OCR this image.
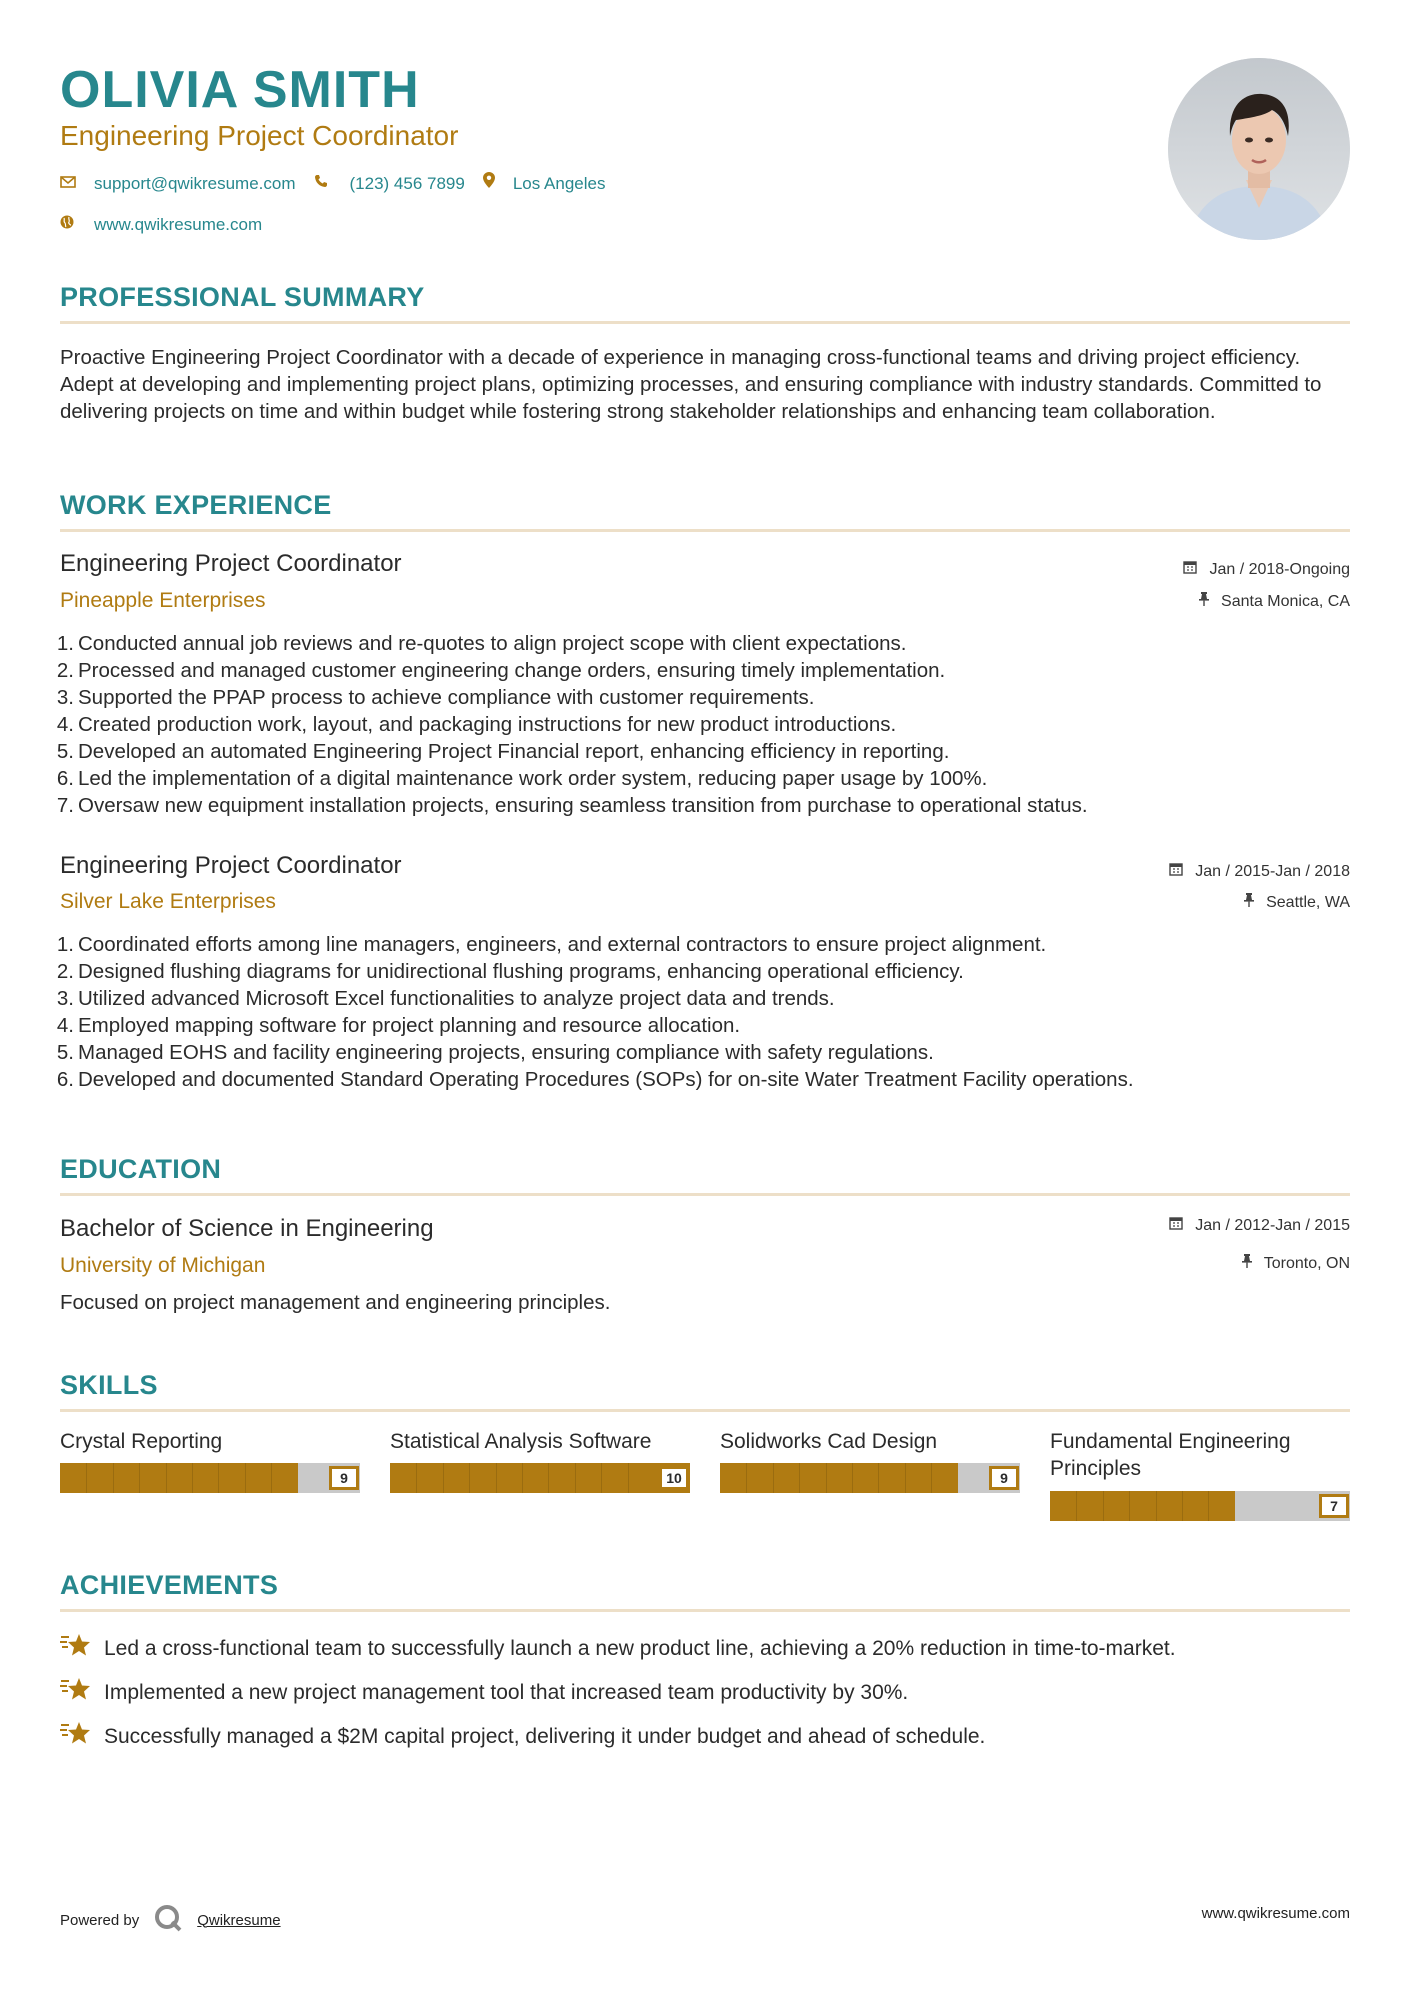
OLIVIA SMITH
Engineering Project Coordinator
support@qwikresume.com	(123) 456 7899	Los Angeles
www.qwikresume.com
PROFESSIONAL SUMMARY
Proactive Engineering Project Coordinator with a decade of experience in managing cross-functional teams and driving project efficiency. Adept at developing and implementing project plans, optimizing processes, and ensuring compliance with industry standards. Committed to delivering projects on time and within budget while fostering strong stakeholder relationships and enhancing team collaboration.
WORK EXPERIENCE
Engineering Project Coordinator
Pineapple Enterprises
Jan / 2018-Ongoing
Santa Monica, CA
1. Conducted annual job reviews and re-quotes to align project scope with client expectations.
2. Processed and managed customer engineering change orders, ensuring timely implementation.
3. Supported the PPAP process to achieve compliance with customer requirements.
4. Created production work, layout, and packaging instructions for new product introductions.
5. Developed an automated Engineering Project Financial report, enhancing efficiency in reporting.
6. Led the implementation of a digital maintenance work order system, reducing paper usage by 100%.
7. Oversaw new equipment installation projects, ensuring seamless transition from purchase to operational status.
Engineering Project Coordinator
Silver Lake Enterprises
Jan / 2015-Jan / 2018
Seattle, WA
1. Coordinated efforts among line managers, engineers, and external contractors to ensure project alignment.
2. Designed flushing diagrams for unidirectional flushing programs, enhancing operational efficiency.
3. Utilized advanced Microsoft Excel functionalities to analyze project data and trends.
4. Employed mapping software for project planning and resource allocation.
5. Managed EOHS and facility engineering projects, ensuring compliance with safety regulations.
6. Developed and documented Standard Operating Procedures (SOPs) for on-site Water Treatment Facility operations.
EDUCATION
Bachelor of Science in Engineering
University of Michigan
Jan / 2012-Jan / 2015
Toronto, ON
Focused on project management and engineering principles.
SKILLS
Crystal Reporting
9
Statistical Analysis Software
10
Solidworks Cad Design
9
Fundamental Engineering Principles
7
ACHIEVEMENTS
Led a cross-functional team to successfully launch a new product line, achieving a 20% reduction in time-to-market.
Implemented a new project management tool that increased team productivity by 30%.
Successfully managed a $2M capital project, delivering it under budget and ahead of schedule.
Powered by	Qwikresume	www.qwikresume.com
